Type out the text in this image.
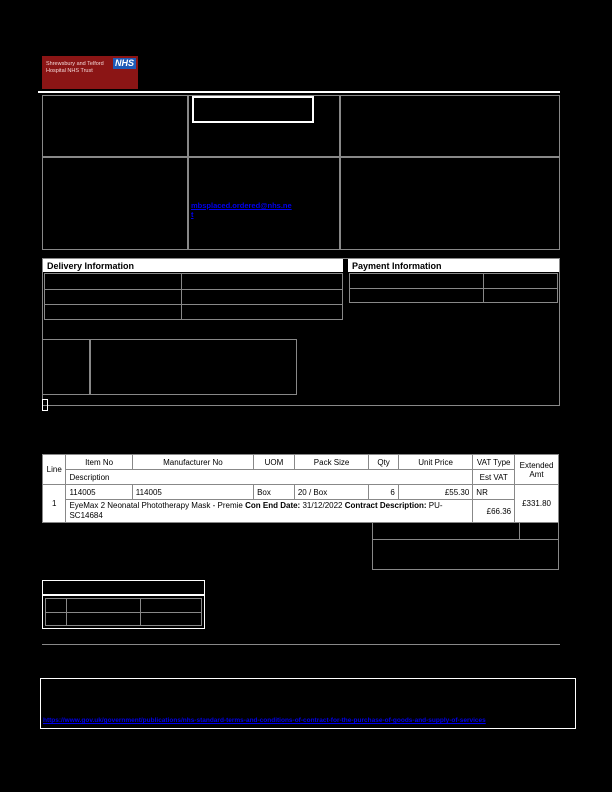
Shrewsbury and Telford Hospital NHS Trust
NHS
mbsplaced.ordered@nhs.ne
t
Delivery Information	Payment Information
Line	Item No	Manufacturer No	UOM	Pack Size	Qty	Unit Price	VAT Type	Extended Amt
	Description						Est VAT	
1	114005	114005	Box	20 / Box	6	£55.30	NR	£331.80
	EyeMax 2 Neonatal Phototherapy Mask - Premie Con End Date: 31/12/2022 Contract Description: PU-SC14684						£66.36	
https://www.gov.uk/government/publications/nhs-standard-terms-and-conditions-of-contract-for-the-purchase-of-goods-and-supply-of-services
